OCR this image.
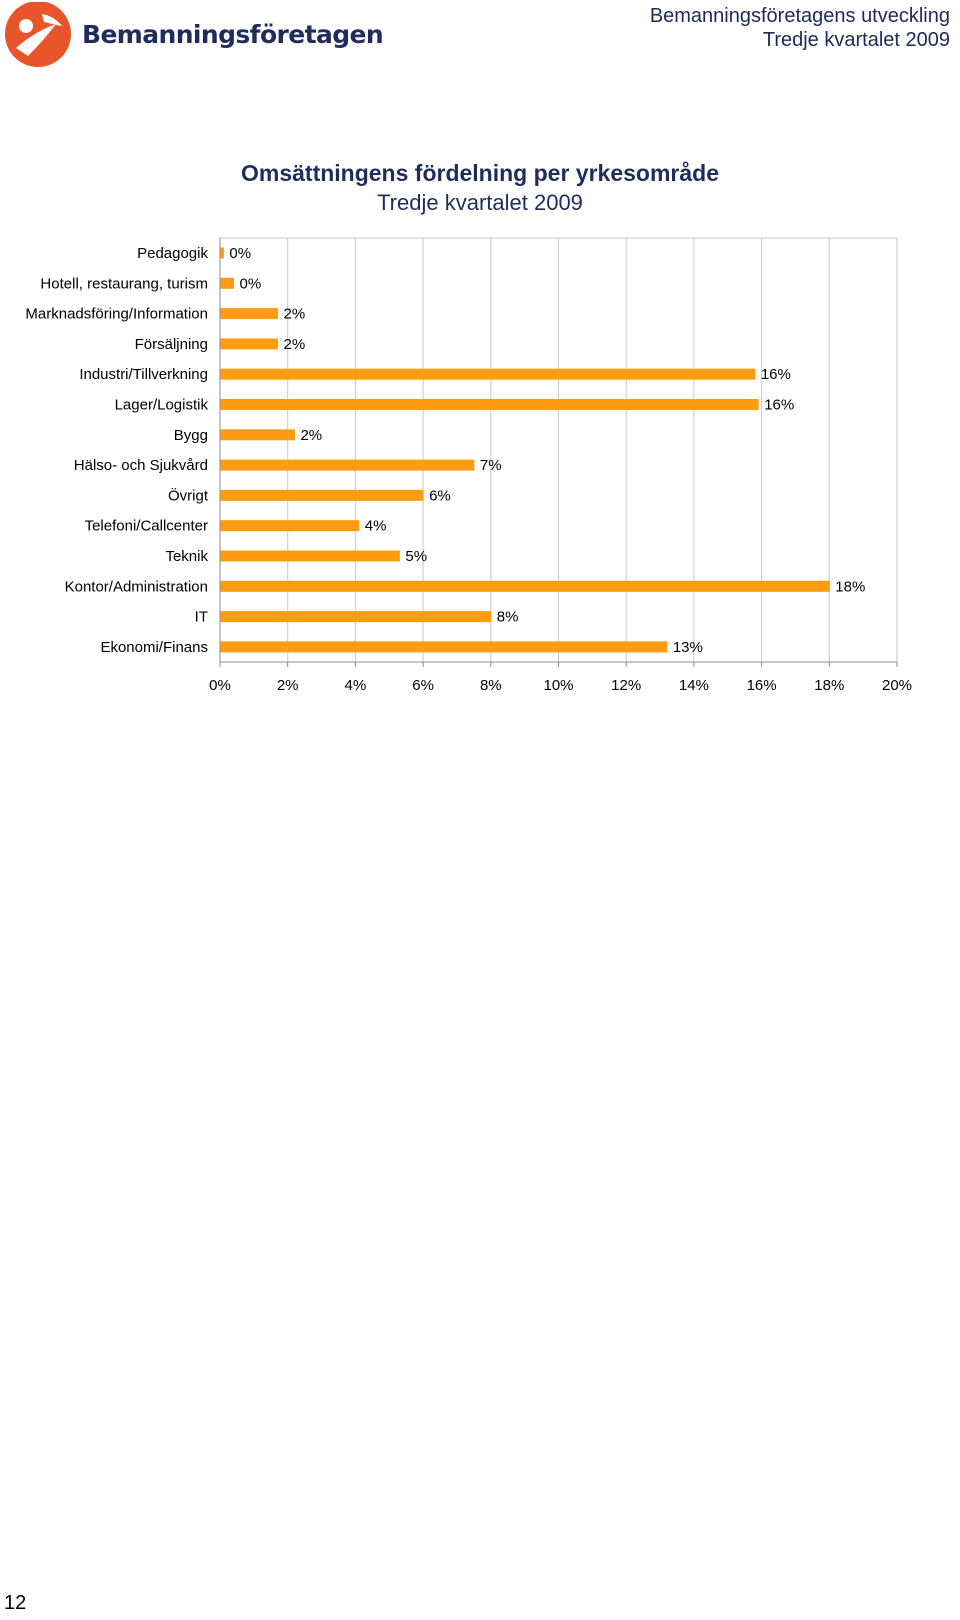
Bemanningsföretagen
Bemanningsföretagens utveckling
Tredje kvartalet 2009
Omsättningens fördelning per yrkesområde
Tredje kvartalet 2009
0%	2%	4%	6%	8%	10%	12%	14%	16%	18%	20%
Pedagogik 0%
Hotell, restaurang, turism 0%
Marknadsföring/Information	2%
Försäljning	2%
Industri/Tillverkning	16%
Lager/Logistik	16%
Bygg	2%
Hälso- och Sjukvård	7%
Övrigt	6%
Telefoni/Callcenter	4%
Teknik	5%
Kontor/Administration	18%
IT	8%
Ekonomi/Finans	13%
12
